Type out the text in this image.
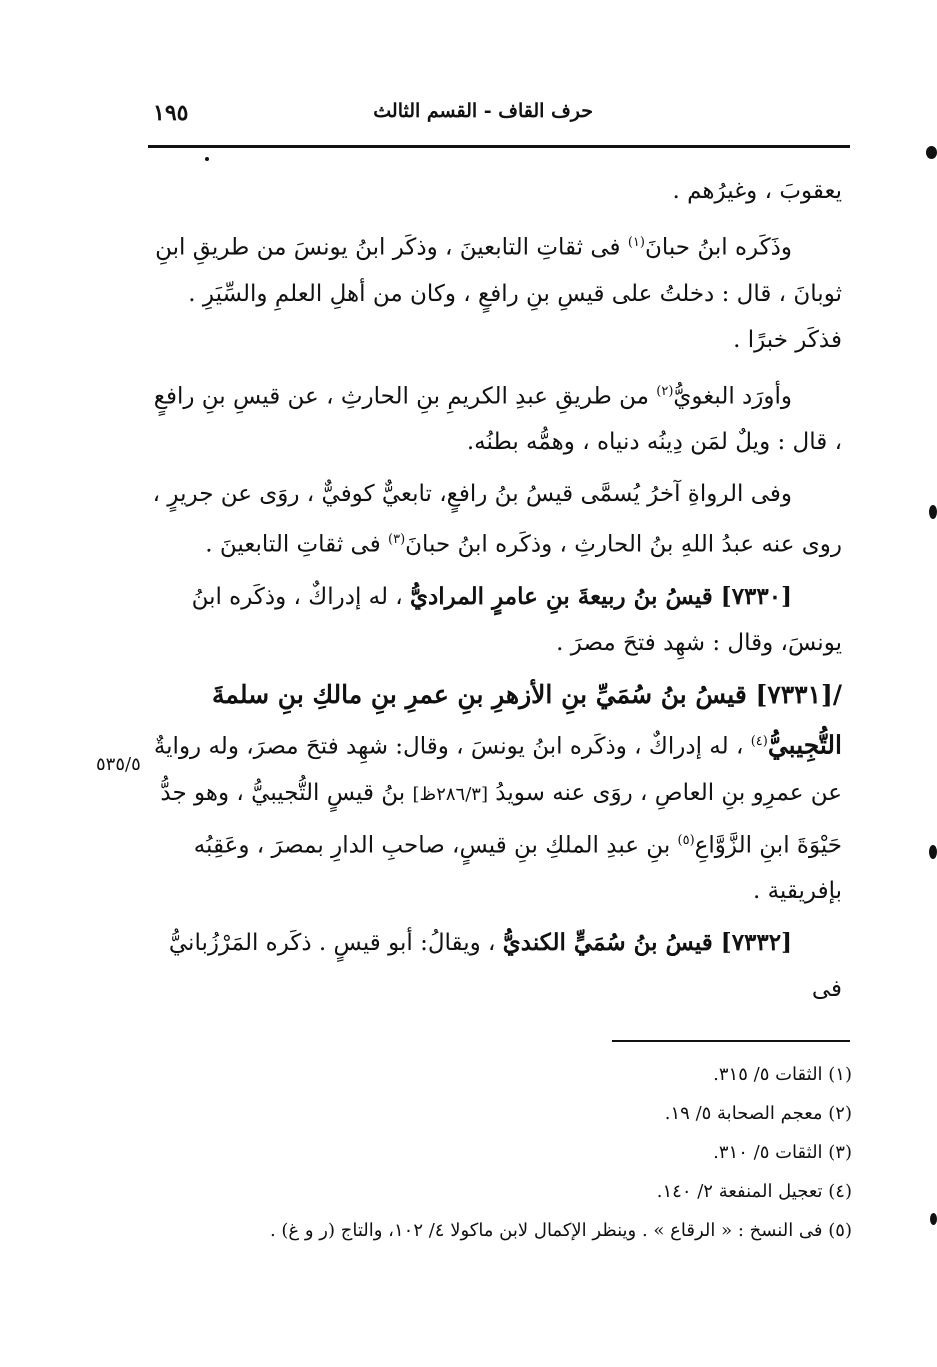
حرف القاف - القسم الثالث
١٩٥

يعقوبَ ، وغيرُهم .

وذَكَره ابنُ حبانَ$^{(١)}$ فى ثقاتِ التابعينَ ، وذكَر ابنُ يونسَ من طريقِ ابنِ ثوبانَ ، قال : دخلتُ على قيسِ بنِ رافعٍ ، وكان من أهلِ العلمِ والسِّيَرِ . فذكَر خبرًا .

وأورَد البغويُّ$^{(٢)}$ من طريقِ عبدِ الكريمِ بنِ الحارثِ ، عن قيسِ بنِ رافعٍ ، قال : ويلٌ لمَن دِينُه دنياه ، وهمُّه بطنُه.

وفى الرواةِ آخرُ يُسمَّى قيسُ بنُ رافعٍ، تابعيٌّ كوفيٌّ ، روَى عن جريرٍ ، روى عنه عبدُ اللهِ بنُ الحارثِ ، وذكَره ابنُ حبانَ$^{(٣)}$ فى ثقاتِ التابعينَ .

[٧٣٣٠] قيسُ بنُ ربيعةَ بنِ عامرٍ المراديُّ ، له إدراكٌ ، وذكَره ابنُ يونسَ، وقال : شهِد فتحَ مصرَ .

/[٧٣٣١] قيسُ بنُ سُمَيِّ بنِ الأزهرِ بنِ عمرِ بنِ مالكِ بنِ سلمةَ التُّجِيبيُّ$^{(٤)}$ ، له إدراكٌ ، وذكَره ابنُ يونسَ ، وقال: شهِد فتحَ مصرَ، وله روايةٌ عن عمرِو بنِ العاصِ ، روَى عنه سويدُ [٢٨٦/٣ظ] بنُ قيسٍ التُّجيبيُّ ، وهو جدُّ حَيْوَةَ ابنِ الزَّوَّاعِ$^{(٥)}$ بنِ عبدِ الملكِ بنِ قيسٍ، صاحبِ الدارِ بمصرَ ، وعَقِبُه بإفريقية .

[٧٣٣٢] قيسُ بنُ سُمَيٍّ الكنديُّ ، ويقالُ: أبو قيسٍ . ذكَره المَرْزُبانيُّ فى

٥٣٥/٥
(١) الثقات ٥/ ٣١٥.
(٢) معجم الصحابة ٥/ ١٩.
(٣) الثقات ٥/ ٣١٠.
(٤) تعجيل المنفعة ٢/ ١٤٠.
(٥) فى النسخ : « الرقاع » . وينظر الإكمال لابن ماكولا ٤/ ١٠٢، والتاج (ر و غ) .
